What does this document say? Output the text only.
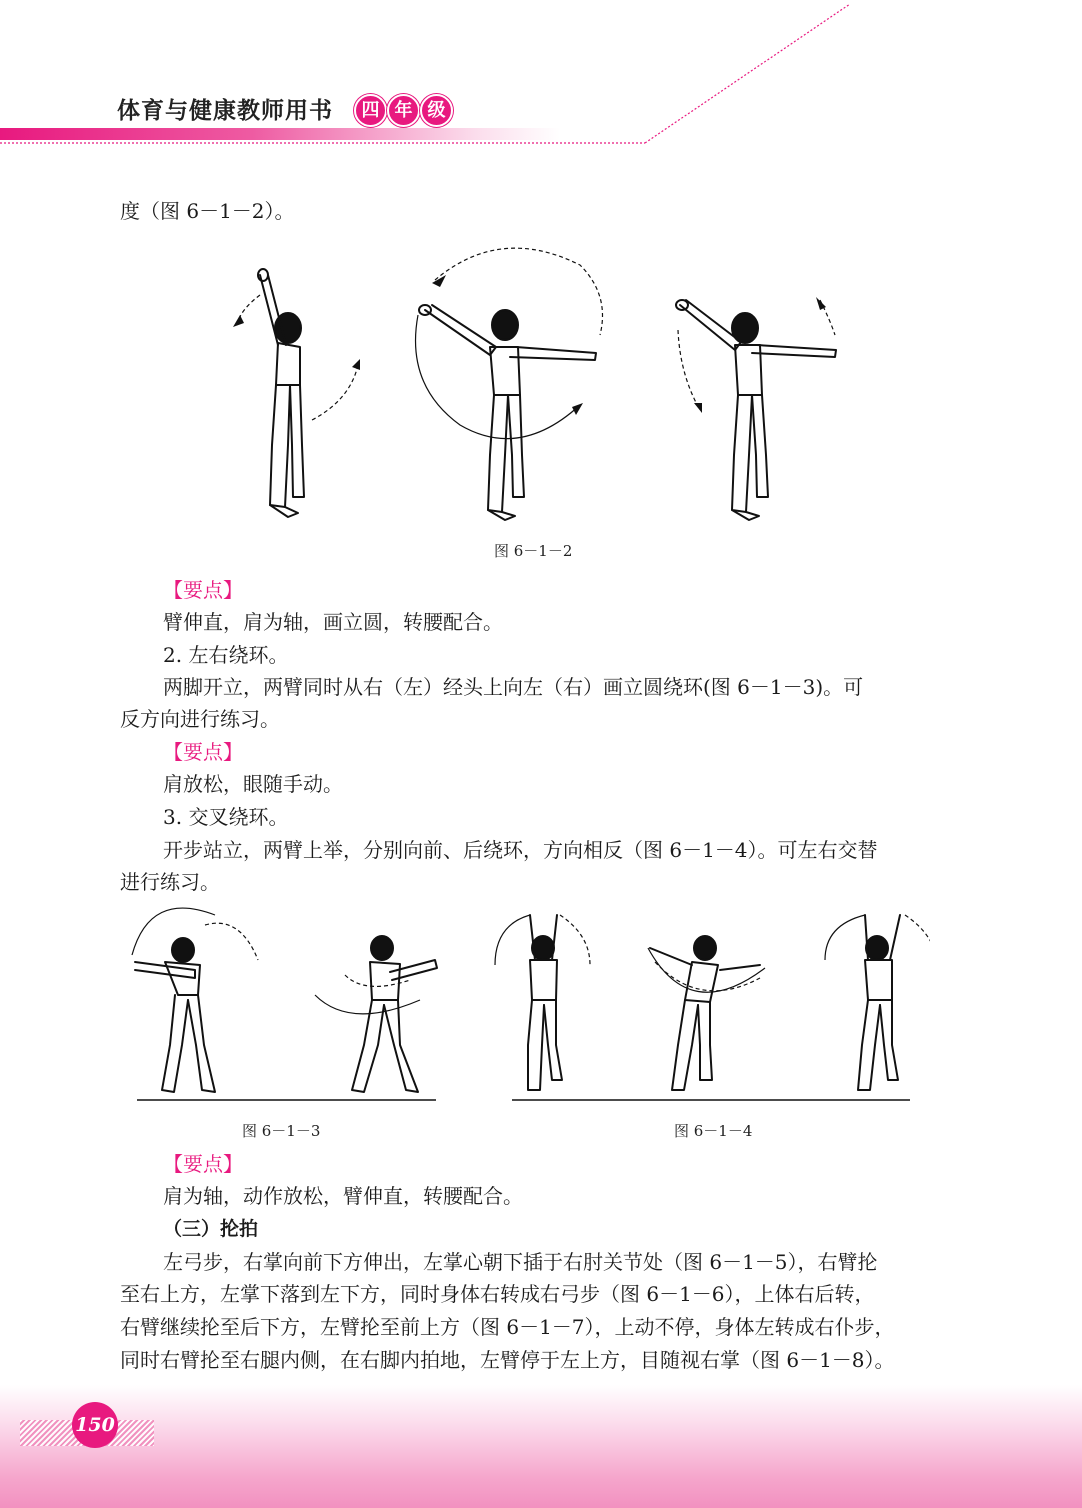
体育与健康教师用书	四 年 级
度（图 6－1－2）。
图 6－1－2
【要点】
臂伸直，肩为轴，画立圆，转腰配合。
2. 左右绕环。
两脚开立，两臂同时从右（左）经头上向左（右）画立圆绕环(图 6－1－3)。可
反方向进行练习。
【要点】
肩放松，眼随手动。
3. 交叉绕环。
开步站立，两臂上举，分别向前、后绕环，方向相反（图 6－1－4）。可左右交替
进行练习。
图 6－1－3	图 6－1－4
【要点】
肩为轴，动作放松，臂伸直，转腰配合。
（三）抡拍
左弓步，右掌向前下方伸出，左掌心朝下插于右肘关节处（图 6－1－5），右臂抡
至右上方，左掌下落到左下方，同时身体右转成右弓步（图 6－1－6），上体右后转，
右臂继续抡至后下方，左臂抡至前上方（图 6－1－7），上动不停，身体左转成右仆步，
同时右臂抡至右腿内侧，在右脚内拍地，左臂停于左上方，目随视右掌（图 6－1－8）。
150
